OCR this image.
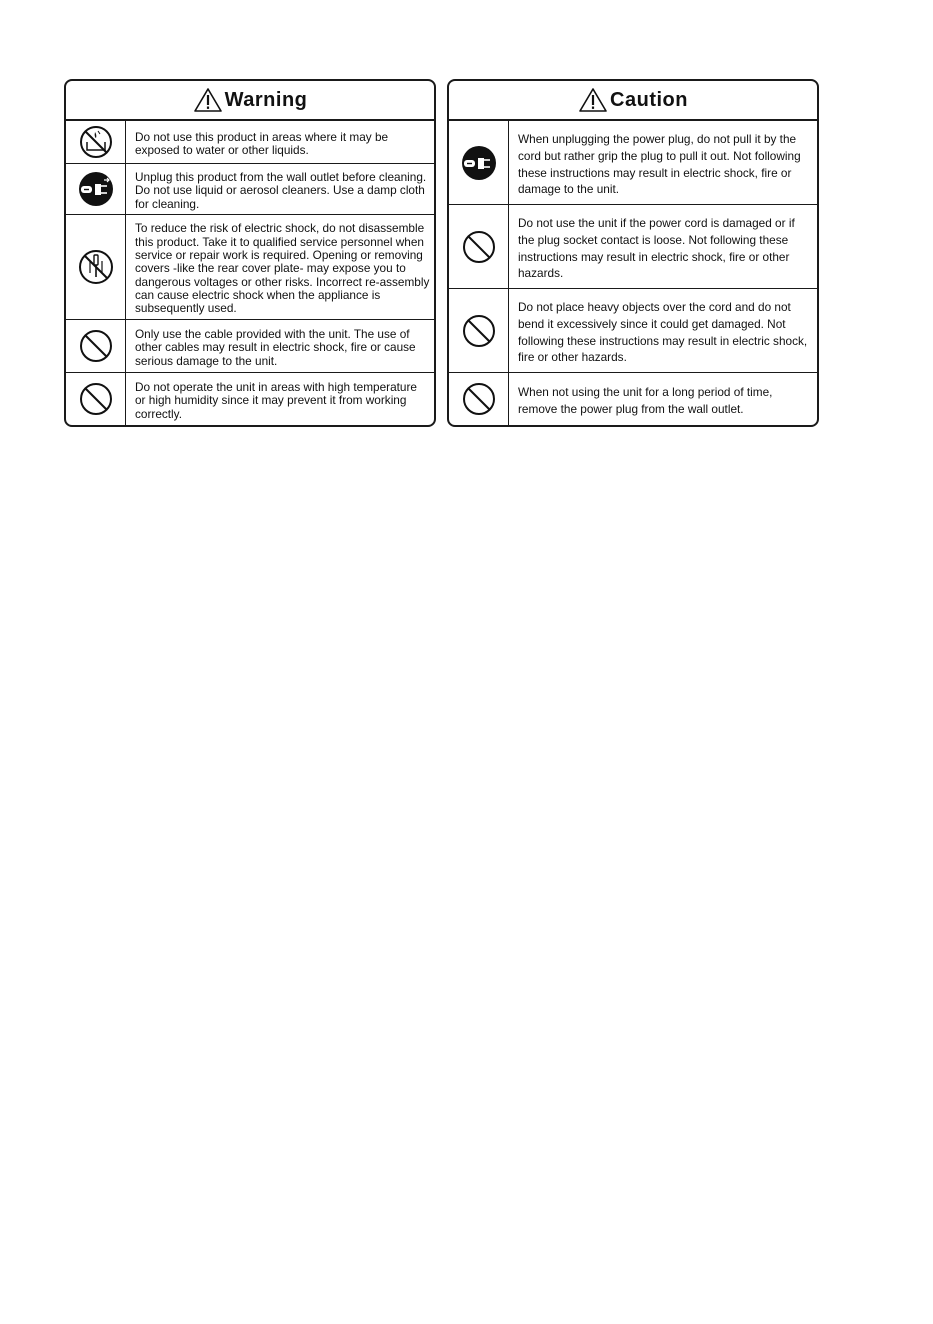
Warning
Do not use this product in areas where it may be exposed to water or other liquids.
Unplug this product from the wall outlet before cleaning. Do not use liquid or aerosol cleaners. Use a damp cloth for cleaning.
To reduce the risk of electric shock, do not disassemble this product. Take it to qualified service personnel when service or repair work is required. Opening or removing covers -like the rear cover plate- may expose you to dangerous voltages or other risks. Incorrect re-assembly can cause electric shock when the appliance is subsequently used.
Only use the cable provided with the unit. The use of other cables may result in electric shock, fire or cause serious damage to the unit.
Do not operate the unit in areas with high temperature or high humidity since it may prevent it from working correctly.
Caution
When unplugging the power plug, do not pull it by the cord but rather grip the plug to pull it out. Not following these instructions may result in electric shock, fire or damage to the unit.
Do not use the unit if the power cord is damaged or if the plug socket contact is loose. Not following these instructions may result in electric shock, fire or other hazards.
Do not place heavy objects over the cord and do not bend it excessively since it could get damaged. Not following these instructions may result in electric shock, fire or other hazards.
When not using the unit for a long period of time, remove the power plug from the wall outlet.
